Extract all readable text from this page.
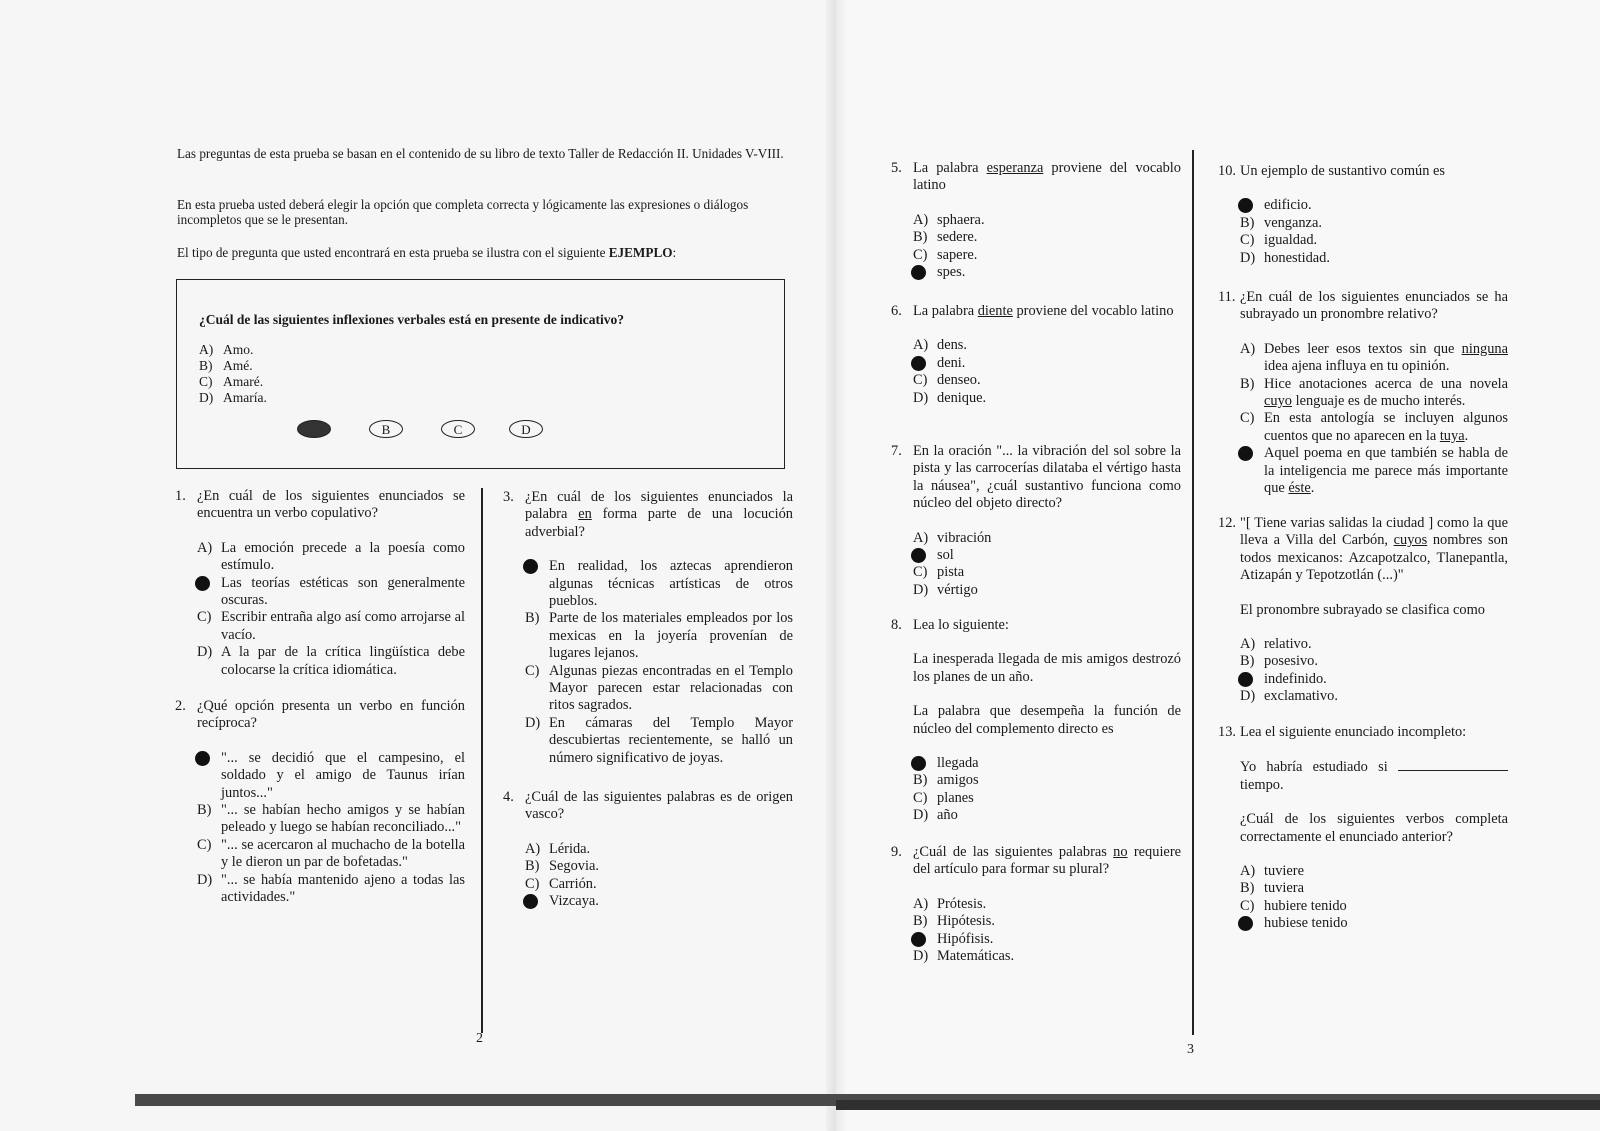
Las preguntas de esta prueba se basan en el contenido de su libro de texto Taller de Redacción II. Unidades V-VIII.

En esta prueba usted deberá elegir la opción que completa correcta y lógicamente las expresiones o diálogos incompletos que se le presentan.

El tipo de pregunta que usted encontrará en esta prueba se ilustra con el siguiente EJEMPLO:

¿Cuál de las siguientes inflexiones verbales está en presente de indicativo?
A) Amo.
B) Amé.
C) Amaré.
D) Amaría.
B	C	D
1. ¿En cuál de los siguientes enunciados se encuentra un verbo copulativo?
A) La emoción precede a la poesía como estímulo.
Las teorías estéticas son generalmente oscuras.
C) Escribir entraña algo así como arrojarse al vacío.
D) A la par de la crítica lingüística debe colocarse la crítica idiomática.
2. ¿Qué opción presenta un verbo en función recíproca?
"... se decidió que el campesino, el soldado y el amigo de Taunus irían juntos..."
B) "... se habían hecho amigos y se habían peleado y luego se habían reconciliado..."
C) "... se acercaron al muchacho de la botella y le dieron un par de bofetadas."
D) "... se había mantenido ajeno a todas las actividades."
3. ¿En cuál de los siguientes enunciados la palabra en forma parte de una locución adverbial?
En realidad, los aztecas aprendieron algunas técnicas artísticas de otros pueblos.
B) Parte de los materiales empleados por los mexicas en la joyería provenían de lugares lejanos.
C) Algunas piezas encontradas en el Templo Mayor parecen estar relacionadas con ritos sagrados.
D) En cámaras del Templo Mayor descubiertas recientemente, se halló un número significativo de joyas.
4. ¿Cuál de las siguientes palabras es de origen vasco?
A) Lérida.
B) Segovia.
C) Carrión.
Vizcaya.
5. La palabra esperanza proviene del vocablo latino
A) sphaera.
B) sedere.
C) sapere.
spes.
6. La palabra diente proviene del vocablo latino
A) dens.
deni.
C) denseo.
D) denique.
7. En la oración "... la vibración del sol sobre la pista y las carrocerías dilataba el vértigo hasta la náusea", ¿cuál sustantivo funciona como núcleo del objeto directo?
A) vibración
sol
C) pista
D) vértigo
8. Lea lo siguiente:
La inesperada llegada de mis amigos destrozó los planes de un año.
La palabra que desempeña la función de núcleo del complemento directo es
llegada
B) amigos
C) planes
D) año
9. ¿Cuál de las siguientes palabras no requiere del artículo para formar su plural?
A) Prótesis.
B) Hipótesis.
Hipófisis.
D) Matemáticas.
10. Un ejemplo de sustantivo común es
edificio.
B) venganza.
C) igualdad.
D) honestidad.
11. ¿En cuál de los siguientes enunciados se ha subrayado un pronombre relativo?
A) Debes leer esos textos sin que ninguna idea ajena influya en tu opinión.
B) Hice anotaciones acerca de una novela cuyo lenguaje es de mucho interés.
C) En esta antología se incluyen algunos cuentos que no aparecen en la tuya.
Aquel poema en que también se habla de la inteligencia me parece más importante que éste.
12. "[ Tiene varias salidas la ciudad ] como la que lleva a Villa del Carbón, cuyos nombres son todos mexicanos: Azcapotzalco, Tlanepantla, Atizapán y Tepotzotlán (...)"
El pronombre subrayado se clasifica como
A) relativo.
B) posesivo.
indefinido.
D) exclamativo.
13. Lea el siguiente enunciado incompleto:
Yo habría estudiado si  tiempo.
¿Cuál de los siguientes verbos completa correctamente el enunciado anterior?
A) tuviere
B) tuviera
C) hubiere tenido
hubiese tenido
2
3
